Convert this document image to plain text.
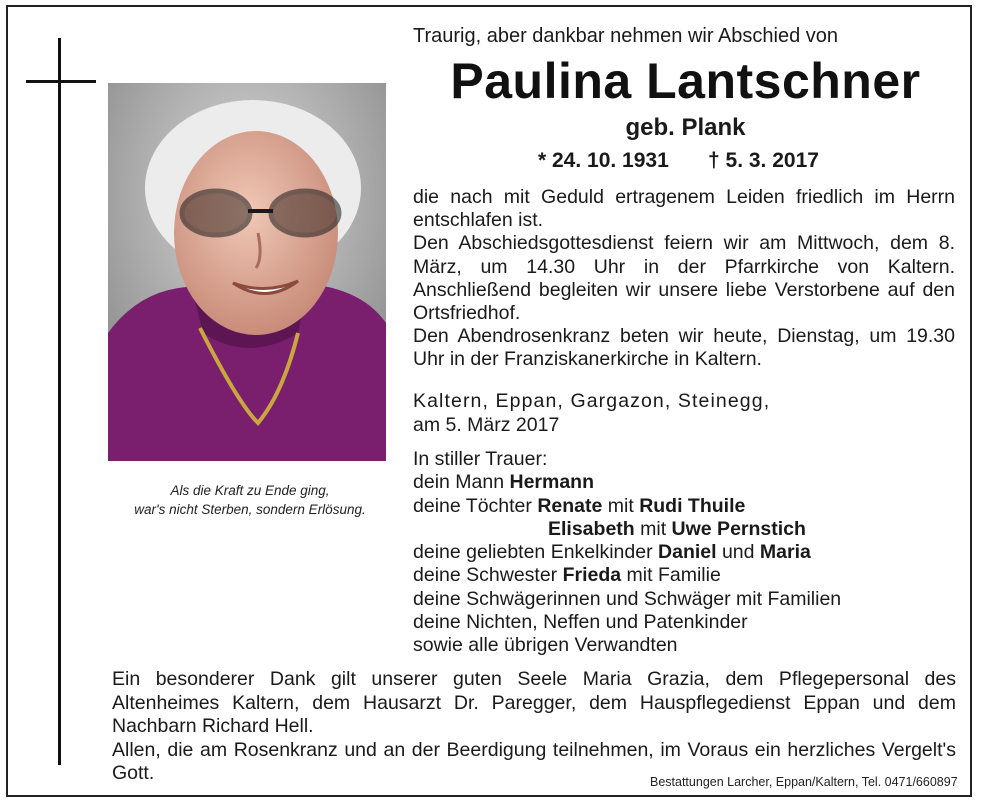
Als die Kraft zu Ende ging,
war's nicht Sterben, sondern Erlösung.
Traurig, aber dankbar nehmen wir Abschied von
Paulina Lantschner
geb. Plank
* 24. 10. 1931 † 5. 3. 2017

die nach mit Geduld ertragenem Leiden friedlich im Herrn entschlafen ist.

Den Abschiedsgottesdienst feiern wir am Mittwoch, dem 8. März, um 14.30 Uhr in der Pfarrkirche von Kaltern. Anschließend begleiten wir unsere liebe Verstorbene auf den Ortsfriedhof.

Den Abendrosenkranz beten wir heute, Dienstag, um 19.30 Uhr in der Franziskanerkirche in Kaltern.

Kaltern, Eppan, Gargazon, Steinegg,
am 5. März 2017
In stiller Trauer:
dein Mann Hermann
deine Töchter Renate mit Rudi Thuile
Elisabeth mit Uwe Pernstich
deine geliebten Enkelkinder Daniel und Maria
deine Schwester Frieda mit Familie
deine Schwägerinnen und Schwäger mit Familien
deine Nichten, Neffen und Patenkinder
sowie alle übrigen Verwandten

Ein besonderer Dank gilt unserer guten Seele Maria Grazia, dem Pflegepersonal des Altenheimes Kaltern, dem Hausarzt Dr. Paregger, dem Hauspflegedienst Eppan und dem Nachbarn Richard Hell.

Allen, die am Rosenkranz und an der Beerdigung teilnehmen, im Voraus ein herzliches Vergelt's Gott.	Bestattungen Larcher, Eppan/Kaltern, Tel. 0471/660897
